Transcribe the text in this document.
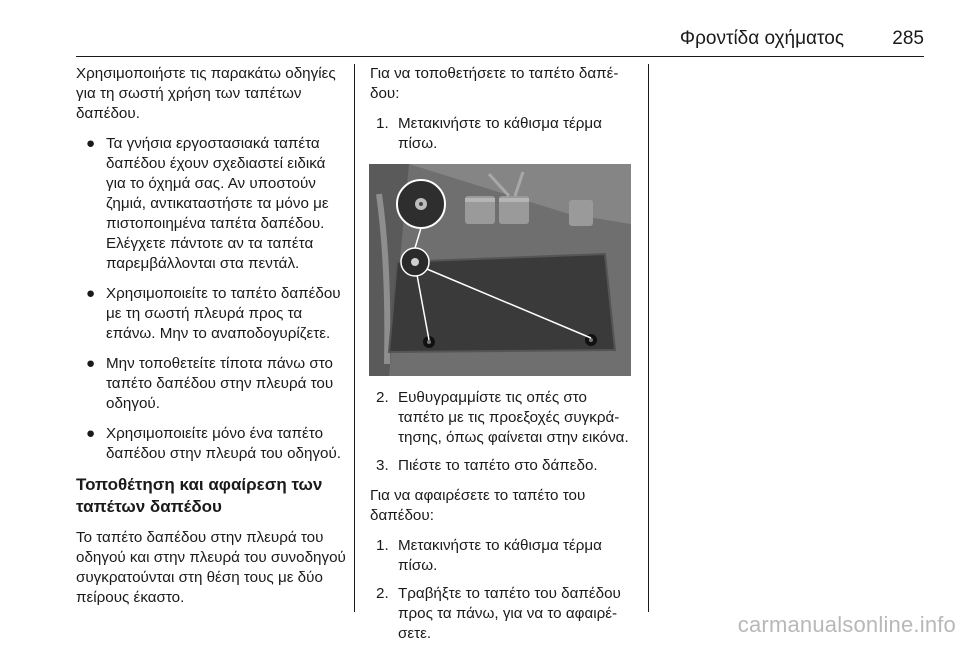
Φροντίδα οχήματος	285

Χρησιμοποιήστε τις παρακάτω οδηγίες για τη σωστή χρήση των ταπέτων δαπέδου.

● Τα γνήσια εργοστασιακά ταπέτα δαπέδου έχουν σχεδιαστεί ειδικά για το όχημά σας. Αν υποστούν ζημιά, αντικαταστήστε τα μόνο με πιστοποιημένα ταπέτα δαπέδου. Ελέγχετε πάντοτε αν τα ταπέτα παρεμβάλλονται στα πεντάλ.
● Χρησιμοποιείτε το ταπέτο δαπέδου με τη σωστή πλευρά προς τα επάνω. Μην το αναποδογυρίζετε.
● Μην τοποθετείτε τίποτα πάνω στο ταπέτο δαπέδου στην πλευρά του οδηγού.
● Χρησιμοποιείτε μόνο ένα ταπέτο δαπέδου στην πλευρά του οδηγού.
Τοποθέτηση και αφαίρεση των ταπέτων δαπέδου

Το ταπέτο δαπέδου στην πλευρά του οδηγού και στην πλευρά του συνοδηγού συγκρατούνται στη θέση τους με δύο πείρους έκαστο.

Για να τοποθετήσετε το ταπέτο δαπέδου:

1. Μετακινήστε το κάθισμα τέρμα πίσω.
2. Ευθυγραμμίστε τις οπές στο ταπέτο με τις προεξοχές συγκράτησης, όπως φαίνεται στην εικόνα.
3. Πιέστε το ταπέτο στο δάπεδο.

Για να αφαιρέσετε το ταπέτο του δαπέδου:

1. Μετακινήστε το κάθισμα τέρμα πίσω.
2. Τραβήξτε το ταπέτο του δαπέδου προς τα πάνω, για να το αφαιρέσετε.	carmanualsonline.info
